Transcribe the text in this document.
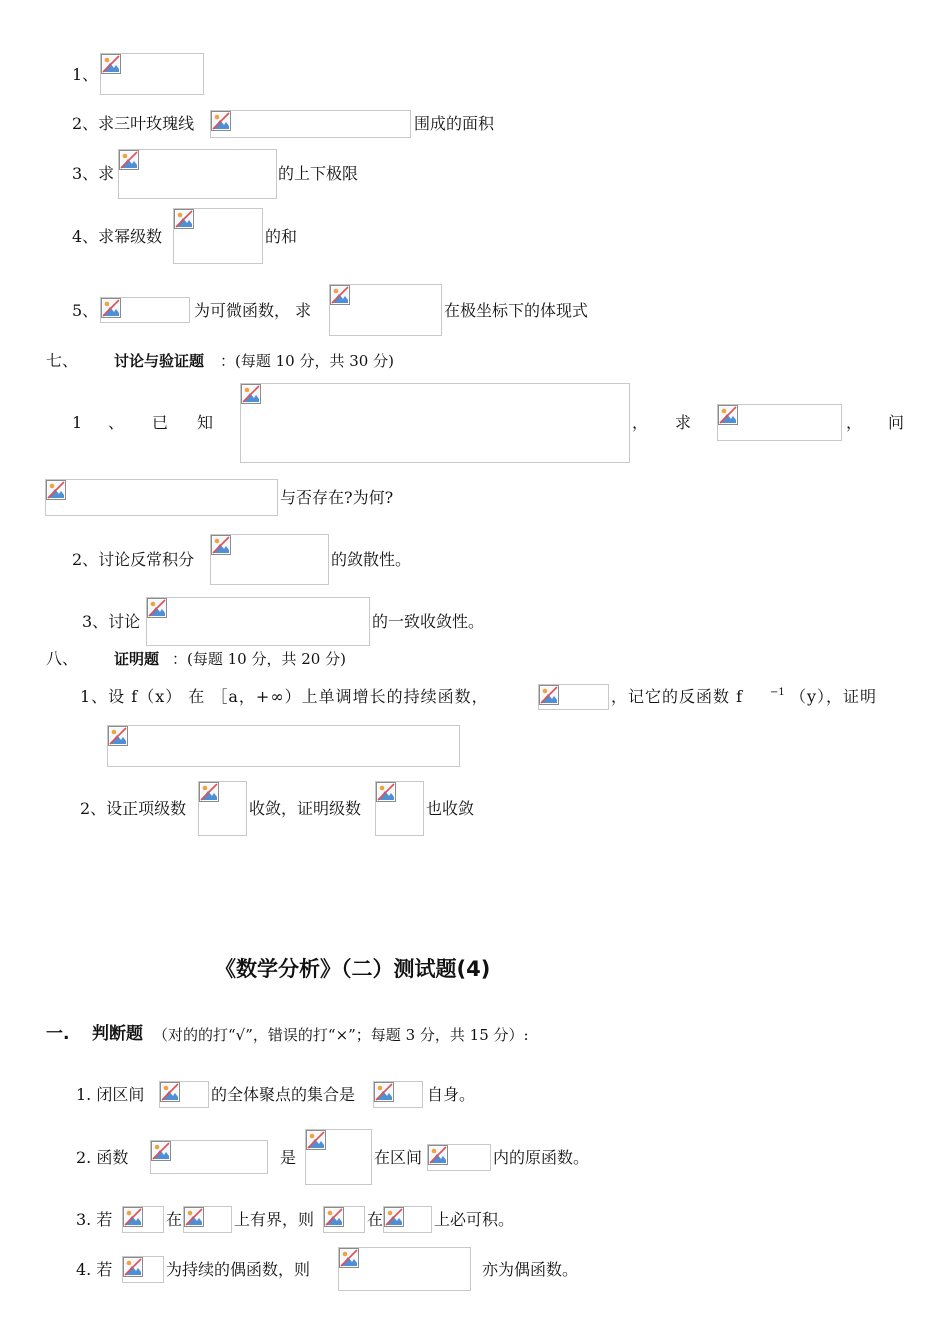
1、
2、求三叶玫瑰线	围成的面积
3、求	的上下极限
4、求幂级数	的和
5、	为可微函数， 求	在极坐标下的体现式
七、 讨论与验证题 ：(每题 10 分，共 30 分)
1 、 已 知	， 求	， 问
与否存在?为何?
2、讨论反常积分	的敛散性。
3、讨论	的一致收敛性。
八、 证明题 ：(每题 10 分，共 20 分)
1、设 f（x） 在 ［a，+∞）上单调增长的持续函数，	，记它的反函数 f	−1 （y），证明
2、设正项级数	收敛，证明级数	也收敛
《数学分析》（二）测试题(4)
一. 判断题 （对的的打“√”，错误的打“×”；每题 3 分，共 15 分）:
1. 闭区间	的全体聚点的集合是	自身。
2. 函数	是	在区间	内的原函数。
3. 若	在	上有界，则	在	上必可积。
4. 若	为持续的偶函数，则	亦为偶函数。
